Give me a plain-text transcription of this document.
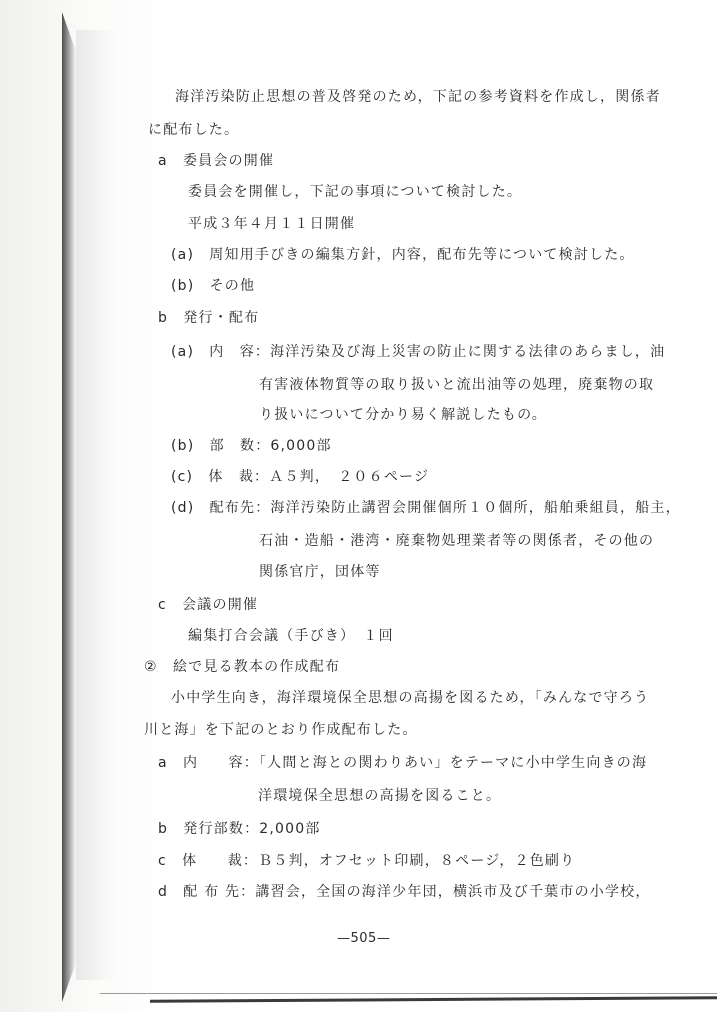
海洋汚染防止思想の普及啓発のため，下記の参考資料を作成し，関係者
に配布した。
a　委員会の開催
委員会を開催し，下記の事項について検討した。
平成３年４月１１日開催
(a)　周知用手びきの編集方針，内容，配布先等について検討した。
(b)　その他
b　発行・配布
(a)　内　容：海洋汚染及び海上災害の防止に関する法律のあらまし，油
有害液体物質等の取り扱いと流出油等の処理，廃棄物の取
り扱いについて分かり易く解説したもの。
(b)　部　数：6,000部
(c)　体　裁：Ａ５判，　２０６ページ
(d)　配布先：海洋汚染防止講習会開催個所１０個所，船舶乗組員，船主，
石油・造船・港湾・廃棄物処理業者等の関係者，その他の
関係官庁，団体等
c　会議の開催
編集打合会議（手びき）　１回
②　絵で見る教本の作成配布
小中学生向き，海洋環境保全思想の高揚を図るため，「みんなで守ろう
川と海」を下記のとおり作成配布した。
a　内　　容：「人間と海との関わりあい」をテーマに小中学生向きの海
洋環境保全思想の高揚を図ること。
b　発行部数：2,000部
c　体　　裁：Ｂ５判，オフセット印刷，８ページ，２色刷り
d　配 布 先：講習会，全国の海洋少年団，横浜市及び千葉市の小学校，
—505—
